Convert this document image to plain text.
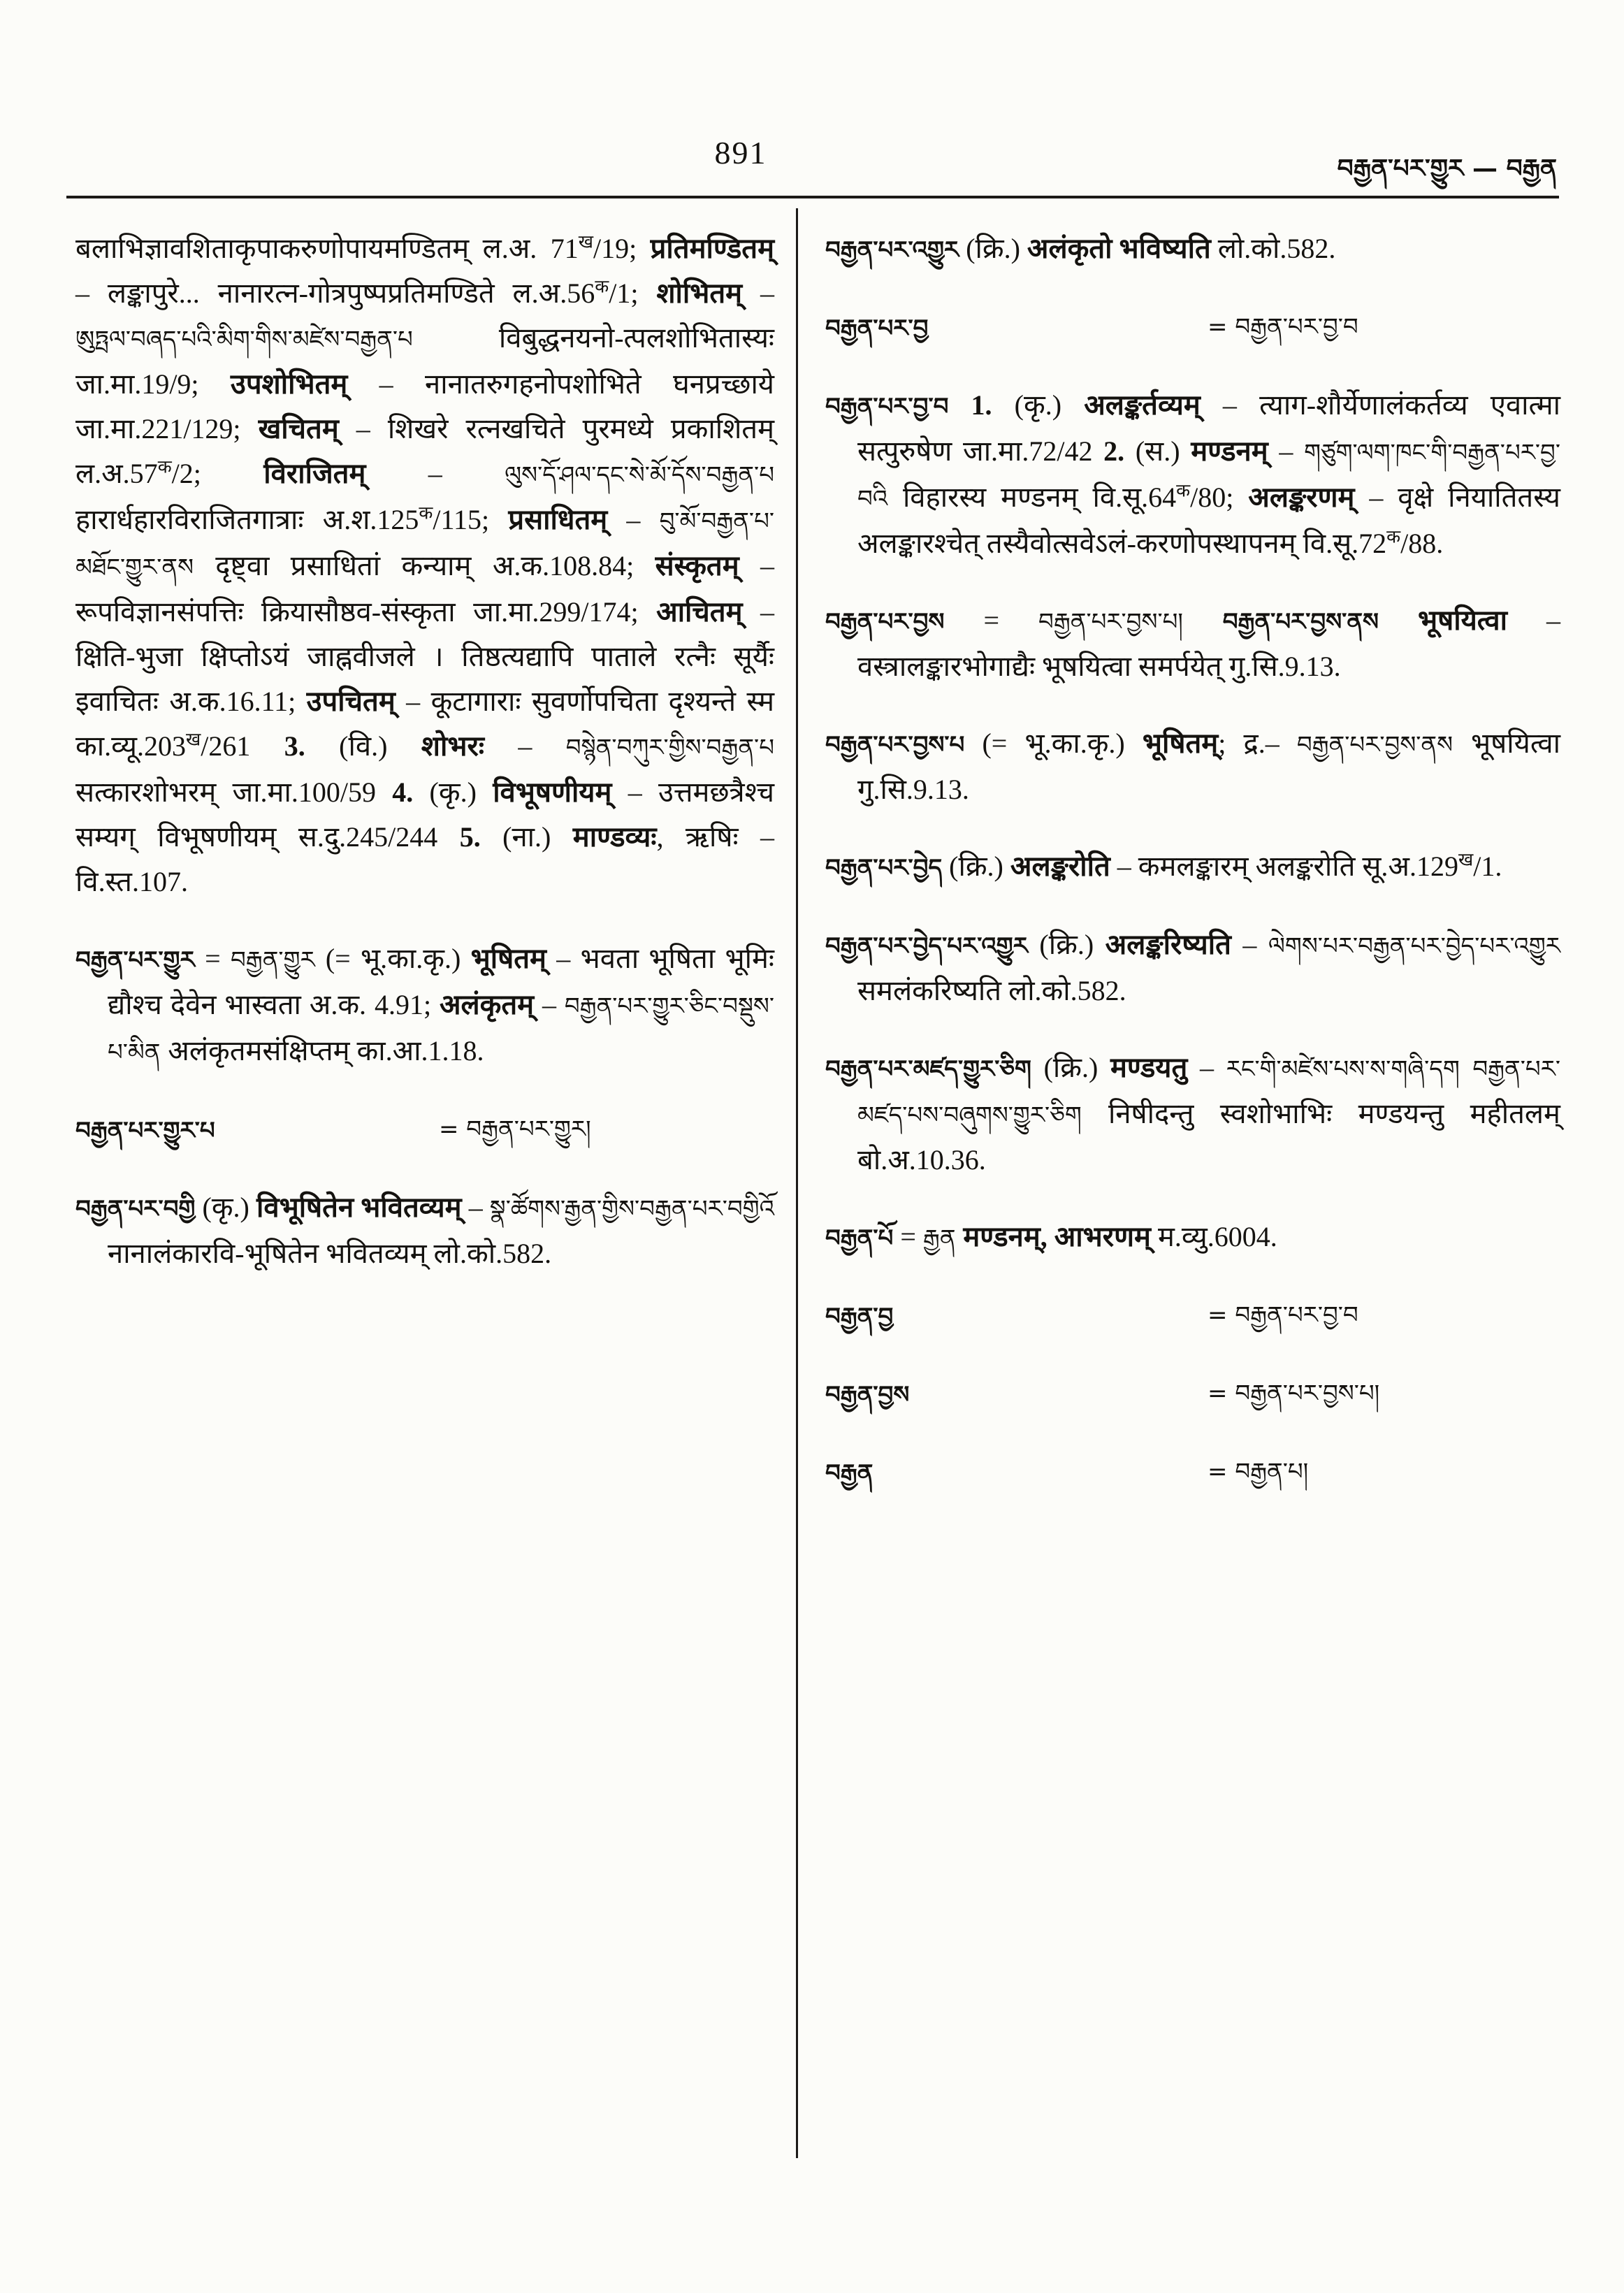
891	བརྒྱན་པར་གྱུར — བརྒྱན

बलाभिज्ञावशिताकृपाकरुणोपायमण्डितम् ल.अ. $71^ख/19$; प्रतिमण्डितम् – लङ्कापुरे... नानारत्न-गोत्रपुष्पप्रतिमण्डिते $ल.अ.56^क/1$; शोभितम् – ཨུཏྤལ་བཞད་པའི་མིག་གིས་མཛེས་བརྒྱན་པ विबुद्धनयनो-त्पलशोभितास्यः जा.मा.19/9; उपशोभितम् – नानातरुगहनोपशोभिते घनप्रच्छाये जा.मा.221/129; खचितम् – शिखरे रत्नखचिते पुरमध्ये प्रकाशितम् $ल.अ.57^क/2$; विराजितम् – ལུས་དོ་ཤལ་དང་སེ་མོ་དོས་བརྒྱན་པ हारार्धहारविराजितगात्राः $अ.श.125^क/115$; प्रसाधितम् – བུ་མོ་བརྒྱན་པ་མཐོང་གྱུར་ནས दृष्ट्वा प्रसाधितां कन्याम् अ.क.108.84; संस्कृतम् – रूपविज्ञानसंपत्तिः क्रियासौष्ठव-संस्कृता जा.मा.299/174; आचितम् – क्षिति-भुजा क्षिप्तोऽयं जाह्नवीजले । तिष्ठत्यद्यापि पाताले रत्नैः सूर्यैः इवाचितः अ.क.16.11; उपचितम् – कूटागाराः सुवर्णोपचिता दृश्यन्ते स्म $का.व्यू.203^ख/261$ 3. (वि.) शोभरः – བསྙེན་བཀུར་གྱིས་བརྒྱན་པ सत्कारशोभरम् जा.मा.100/59 4. (कृ.) विभूषणीयम् – उत्तमछत्रैश्च सम्यग् विभूषणीयम् स.दु.245/244 5. (ना.) माण्डव्यः, ऋषिः – वि.स्त.107.

བརྒྱན་པར་གྱུར = བརྒྱན་གྱུར (= भू.का.कृ.) भूषितम् – भवता भूषिता भूमिः द्यौश्च देवेन भास्वता अ.क. 4.91; अलंकृतम् – བརྒྱན་པར་གྱུར་ཅིང་བསྡུས་པ་མིན अलंकृतमसंक्षिप्तम् का.आ.1.18.

བརྒྱན་པར་གྱུར་པ	= བརྒྱན་པར་གྱུར།

བརྒྱན་པར་བགྱི (कृ.) विभूषितेन भवितव्यम् – སྣ་ཚོགས་རྒྱན་གྱིས་བརྒྱན་པར་བགྱིའོ नानालंकारवि-भूषितेन भवितव्यम् लो.को.582.

བརྒྱན་པར་འགྱུར (क्रि.) अलंकृतो भविष्यति लो.को.582.

བརྒྱན་པར་བྱ	= བརྒྱན་པར་བྱ་བ

བརྒྱན་པར་བྱ་བ 1. (कृ.) अलङ्कर्तव्यम् – त्याग-शौर्येणालंकर्तव्य एवात्मा सत्पुरुषेण जा.मा.72/42 2. (स.) मण्डनम् – གཙུག་ལག་ཁང་གི་བརྒྱན་པར་བྱ་བའི विहारस्य मण्डनम् $वि.सू.64^क/80$; अलङ्करणम् – वृक्षे नियातितस्य अलङ्कारश्चेत् तस्यैवोत्सवेऽलं-करणोपस्थापनम् $वि.सू.72^क/88$.

བརྒྱན་པར་བྱས = བརྒྱན་པར་བྱས་པ། བརྒྱན་པར་བྱས་ནས भूषयित्वा – वस्त्रालङ्कारभोगाद्यैः भूषयित्वा समर्पयेत् गु.सि.9.13.

བརྒྱན་པར་བྱས་པ (= भू.का.कृ.) भूषितम्; द्र.– བརྒྱན་པར་བྱས་ནས भूषयित्वा गु.सि.9.13.

བརྒྱན་པར་བྱེད (क्रि.) अलङ्करोति – कमलङ्कारम् अलङ्करोति $सू.अ.129^ख/1$.

བརྒྱན་པར་བྱེད་པར་འགྱུར (क्रि.) अलङ्करिष्यति – ལེགས་པར་བརྒྱན་པར་བྱེད་པར་འགྱུར समलंकरिष्यति लो.को.582.

བརྒྱན་པར་མཛད་གྱུར་ཅིག (क्रि.) मण्डयतु – རང་གི་མཛེས་པས་ས་གཞི་དག བརྒྱན་པར་མཛད་པས་བཞུགས་གྱུར་ཅིག निषीदन्तु स्वशोभाभिः मण्डयन्तु महीतलम् बो.अ.10.36.

བརྒྱན་པོ = རྒྱན मण्डनम्, आभरणम् म.व्यु.6004.

བརྒྱན་བྱ	= བརྒྱན་པར་བྱ་བ

བརྒྱན་བྱས	= བརྒྱན་པར་བྱས་པ།

བརྒྱན	= བརྒྱན་པ།
